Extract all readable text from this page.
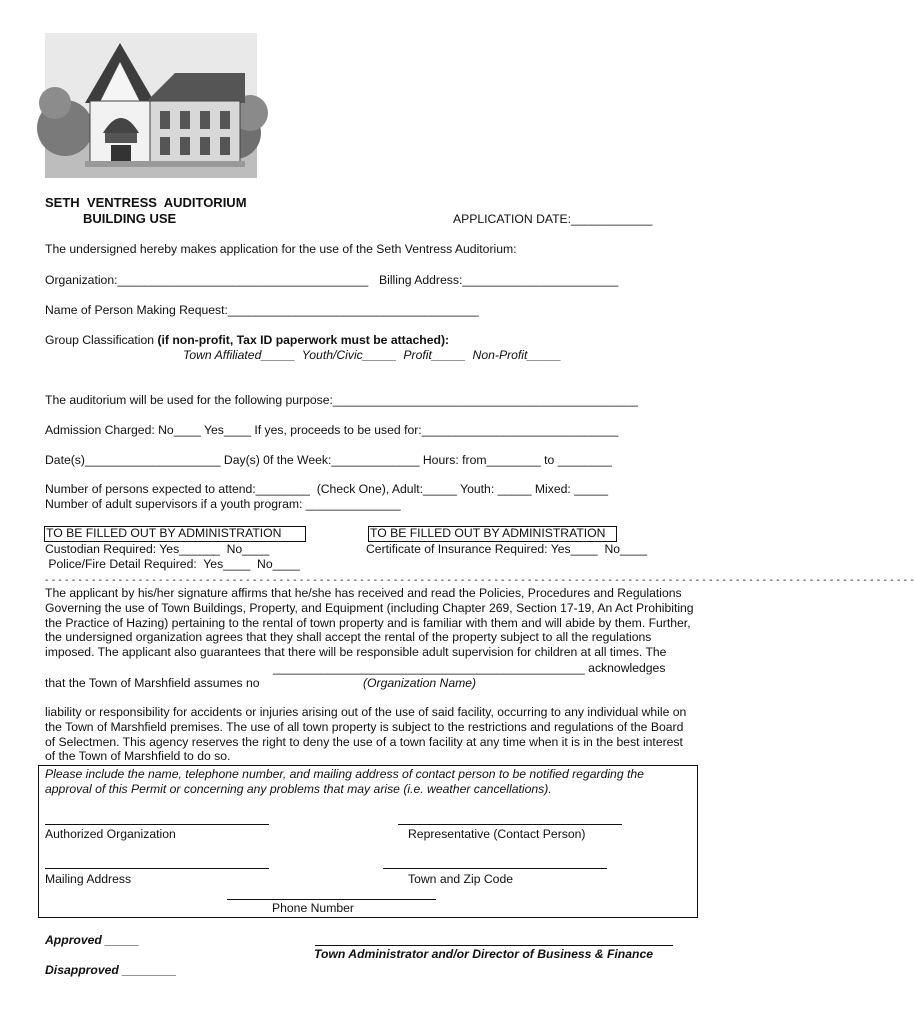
SETH  VENTRESS  AUDITORIUM
BUILDING USE	APPLICATION DATE:____________
The undersigned hereby makes application for the use of the Seth Ventress Auditorium:
Organization:_____________________________________ Billing Address:_______________________
Name of Person Making Request:_____________________________________
Group Classification (if non-profit, Tax ID paperwork must be attached):
Town Affiliated_____  Youth/Civic_____  Profit_____  Non-Profit_____
The auditorium will be used for the following purpose:_____________________________________________
Admission Charged: No____ Yes____ If yes, proceeds to be used for:_____________________________
Date(s)____________________ Day(s) 0f the Week:_____________ Hours: from________ to ________
Number of persons expected to attend:________  (Check One), Adult:_____ Youth: _____ Mixed: _____
Number of adult supervisors if a youth program: ______________
TO BE FILLED OUT BY ADMINISTRATION	TO BE FILLED OUT BY ADMINISTRATION
Custodian Required: Yes______  No____
Police/Fire Detail Required:  Yes____  No____
Certificate of Insurance Required: Yes____  No____
- - - - - - - - - - - - - - - - - - - - - - - - - - - - - - - - - - - - - - - - - - - - - - - - - - - - - - - - - - - - - - - - - - - - - - - - - - - - - - - - - - - - - - - - - - - - - - - - - - - - - - - - - - - - - - - - - - - - - - - - - - - - - - - - - -
The applicant by his/her signature affirms that he/she has received and read the Policies, Procedures and Regulations Governing the use of Town Buildings, Property, and Equipment (including Chapter 269, Section 17-19, An Act Prohibiting the Practice of Hazing) pertaining to the rental of town property and is familiar with them and will abide by them. Further, the undersigned organization agrees that they shall accept the rental of the property subject to all the regulations imposed. The applicant also guarantees that there will be responsible adult supervision for children at all times. The
______________________________________________ acknowledges
that the Town of Marshfield assumes no	(Organization Name)
liability or responsibility for accidents or injuries arising out of the use of said facility, occurring to any individual while on the Town of Marshfield premises. The use of all town property is subject to the restrictions and regulations of the Board of Selectmen. This agency reserves the right to deny the use of a town facility at any time when it is in the best interest of the Town of Marshfield to do so.
Please include the name, telephone number, and mailing address of contact person to be notified regarding the approval of this Permit or concerning any problems that may arise (i.e. weather cancellations).
Authorized Organization	Representative (Contact Person)
Mailing Address	Town and Zip Code
Phone Number
Approved _____
Town Administrator and/or Director of Business & Finance
Disapproved ________
